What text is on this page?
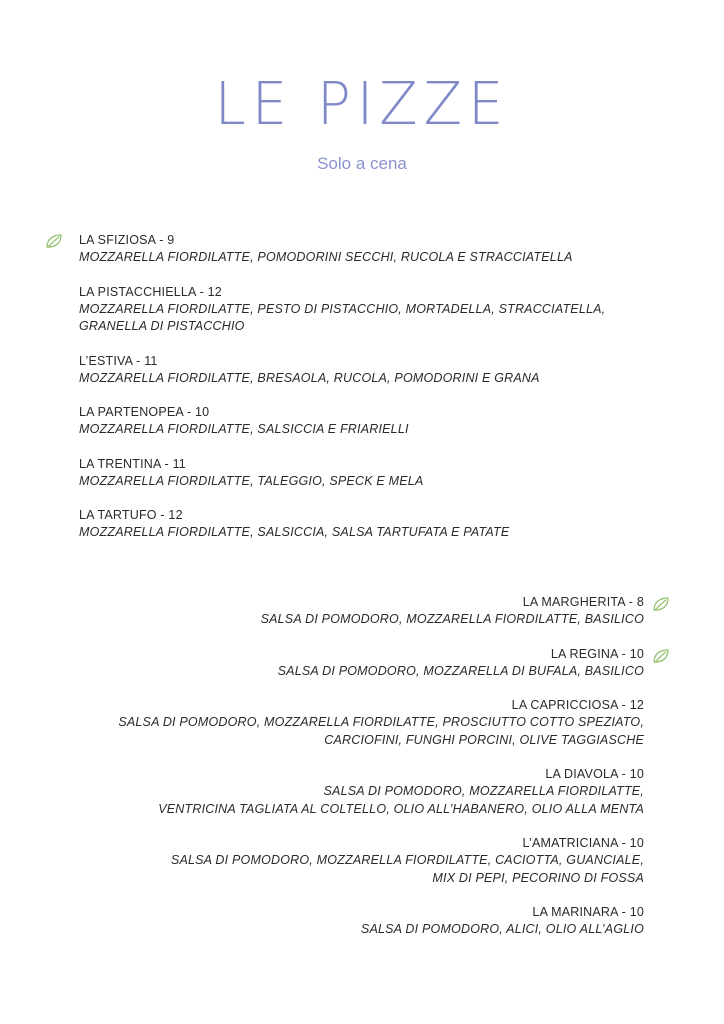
LE PIZZE

Solo a cena

LA SFIZIOSA - 9
MOZZARELLA FIORDILATTE, POMODORINI SECCHI, RUCOLA E STRACCIATELLA
LA PISTACCHIELLA - 12
MOZZARELLA FIORDILATTE, PESTO DI PISTACCHIO, MORTADELLA, STRACCIATELLA,
GRANELLA DI PISTACCHIO
L’ESTIVA - 11
MOZZARELLA FIORDILATTE, BRESAOLA, RUCOLA, POMODORINI E GRANA
LA PARTENOPEA - 10
MOZZARELLA FIORDILATTE, SALSICCIA E FRIARIELLI
LA TRENTINA - 11
MOZZARELLA FIORDILATTE, TALEGGIO, SPECK E MELA
LA TARTUFO - 12
MOZZARELLA FIORDILATTE, SALSICCIA, SALSA TARTUFATA E PATATE
LA MARGHERITA - 8
SALSA DI POMODORO, MOZZARELLA FIORDILATTE, BASILICO
LA REGINA - 10
SALSA DI POMODORO, MOZZARELLA DI BUFALA, BASILICO
LA CAPRICCIOSA - 12
SALSA DI POMODORO, MOZZARELLA FIORDILATTE, PROSCIUTTO COTTO SPEZIATO,
CARCIOFINI, FUNGHI PORCINI, OLIVE TAGGIASCHE
LA DIAVOLA - 10
SALSA DI POMODORO, MOZZARELLA FIORDILATTE,
VENTRICINA TAGLIATA AL COLTELLO, OLIO ALL’HABANERO, OLIO ALLA MENTA
L’AMATRICIANA - 10
SALSA DI POMODORO, MOZZARELLA FIORDILATTE, CACIOTTA, GUANCIALE,
MIX DI PEPI, PECORINO DI FOSSA
LA MARINARA - 10
SALSA DI POMODORO, ALICI, OLIO ALL’AGLIO
